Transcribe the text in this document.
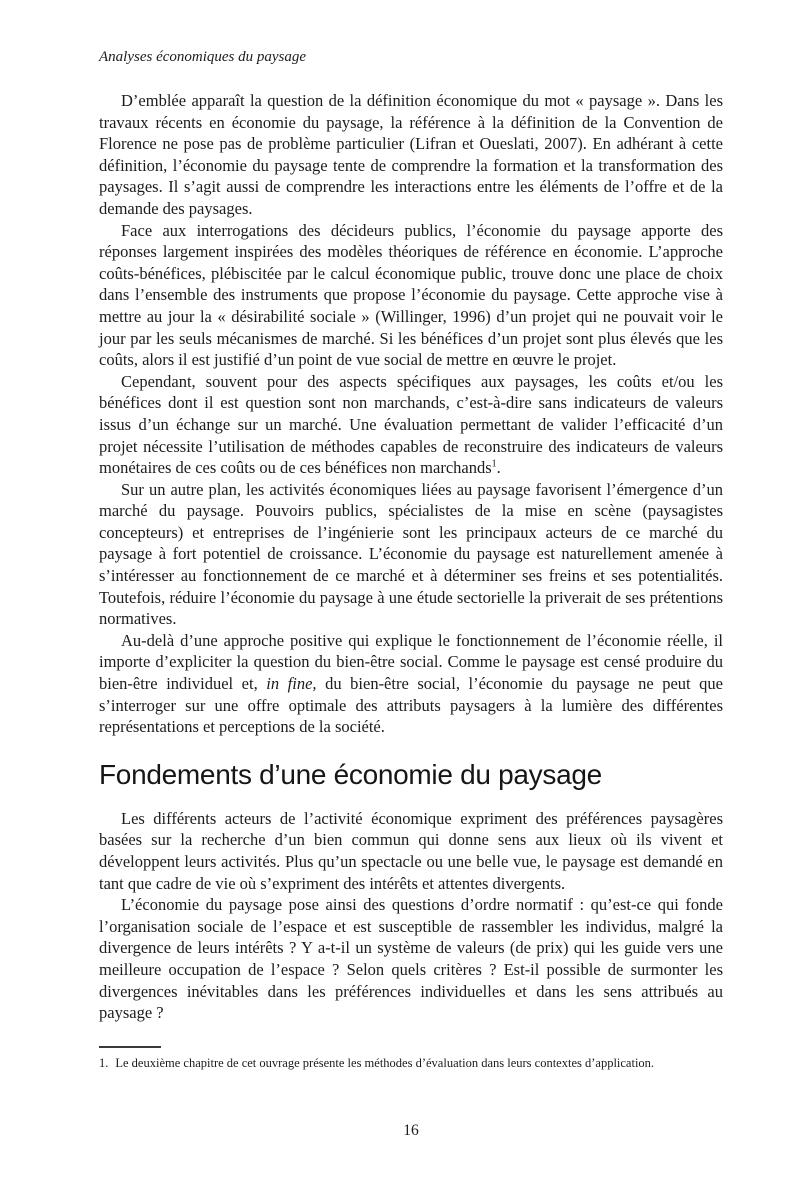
Analyses économiques du paysage

D’emblée apparaît la question de la définition économique du mot « paysage ». Dans les travaux récents en économie du paysage, la référence à la définition de la Convention de Florence ne pose pas de problème particulier (Lifran et Oueslati, 2007). En adhérant à cette définition, l’économie du paysage tente de comprendre la formation et la transformation des paysages. Il s’agit aussi de comprendre les interactions entre les éléments de l’offre et de la demande des paysages.

Face aux interrogations des décideurs publics, l’économie du paysage apporte des réponses largement inspirées des modèles théoriques de référence en économie. L’approche coûts-bénéfices, plébiscitée par le calcul économique public, trouve donc une place de choix dans l’ensemble des instruments que propose l’économie du paysage. Cette approche vise à mettre au jour la « désirabilité sociale » (Willinger, 1996) d’un projet qui ne pouvait voir le jour par les seuls mécanismes de marché. Si les bénéfices d’un projet sont plus élevés que les coûts, alors il est justifié d’un point de vue social de mettre en œuvre le projet.

Cependant, souvent pour des aspects spécifiques aux paysages, les coûts et/ou les bénéfices dont il est question sont non marchands, c’est-à-dire sans indicateurs de valeurs issus d’un échange sur un marché. Une évaluation permettant de valider l’efficacité d’un projet nécessite l’utilisation de méthodes capables de reconstruire des indicateurs de valeurs monétaires de ces coûts ou de ces bénéfices non marchands$^1$.

Sur un autre plan, les activités économiques liées au paysage favorisent l’émergence d’un marché du paysage. Pouvoirs publics, spécialistes de la mise en scène (paysagistes concepteurs) et entreprises de l’ingénierie sont les principaux acteurs de ce marché du paysage à fort potentiel de croissance. L’économie du paysage est naturellement amenée à s’intéresser au fonctionnement de ce marché et à déterminer ses freins et ses potentialités. Toutefois, réduire l’économie du paysage à une étude sectorielle la priverait de ses prétentions normatives.

Au-delà d’une approche positive qui explique le fonctionnement de l’économie réelle, il importe d’expliciter la question du bien-être social. Comme le paysage est censé produire du bien-être individuel et, in fine, du bien-être social, l’économie du paysage ne peut que s’interroger sur une offre optimale des attributs paysagers à la lumière des différentes représentations et perceptions de la société.

Fondements d’une économie du paysage

Les différents acteurs de l’activité économique expriment des préférences paysagères basées sur la recherche d’un bien commun qui donne sens aux lieux où ils vivent et développent leurs activités. Plus qu’un spectacle ou une belle vue, le paysage est demandé en tant que cadre de vie où s’expriment des intérêts et attentes divergents.

L’économie du paysage pose ainsi des questions d’ordre normatif : qu’est-ce qui fonde l’organisation sociale de l’espace et est susceptible de rassembler les individus, malgré la divergence de leurs intérêts ? Y a-t-il un système de valeurs (de prix) qui les guide vers une meilleure occupation de l’espace ? Selon quels critères ? Est-il possible de surmonter les divergences inévitables dans les préférences individuelles et dans les sens attribués au paysage ?

1. Le deuxième chapitre de cet ouvrage présente les méthodes d’évaluation dans leurs contextes d’application.

16
